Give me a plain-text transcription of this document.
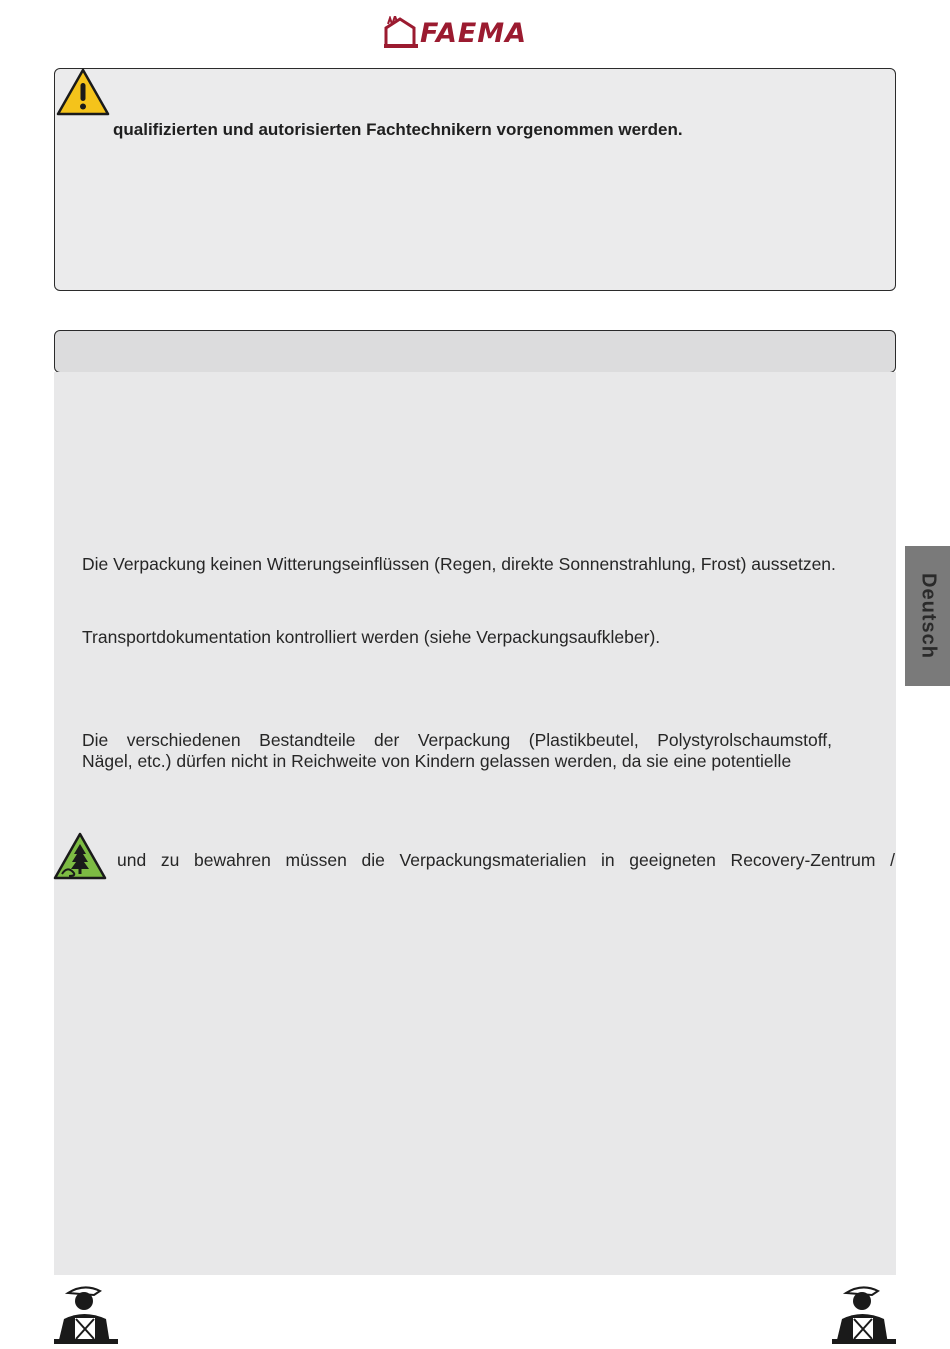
FAEMA
qualifizierten und autorisierten Fachtechnikern vorgenommen werden.
Die Verpackung keinen Witterungseinflüssen (Regen, direkte Sonnenstrahlung, Frost) aussetzen.
Transportdokumentation kontrolliert werden (siehe Verpackungsaufkleber).
Die verschiedenen Bestandteile der Verpackung (Plastikbeutel, Polystyrolschaumstoff,
Nägel, etc.) dürfen nicht in Reichweite von Kindern gelassen werden, da sie eine potentielle
und zu bewahren müssen die Verpackungsmaterialien in geeigneten Recovery-Zentrum /
Deutsch
